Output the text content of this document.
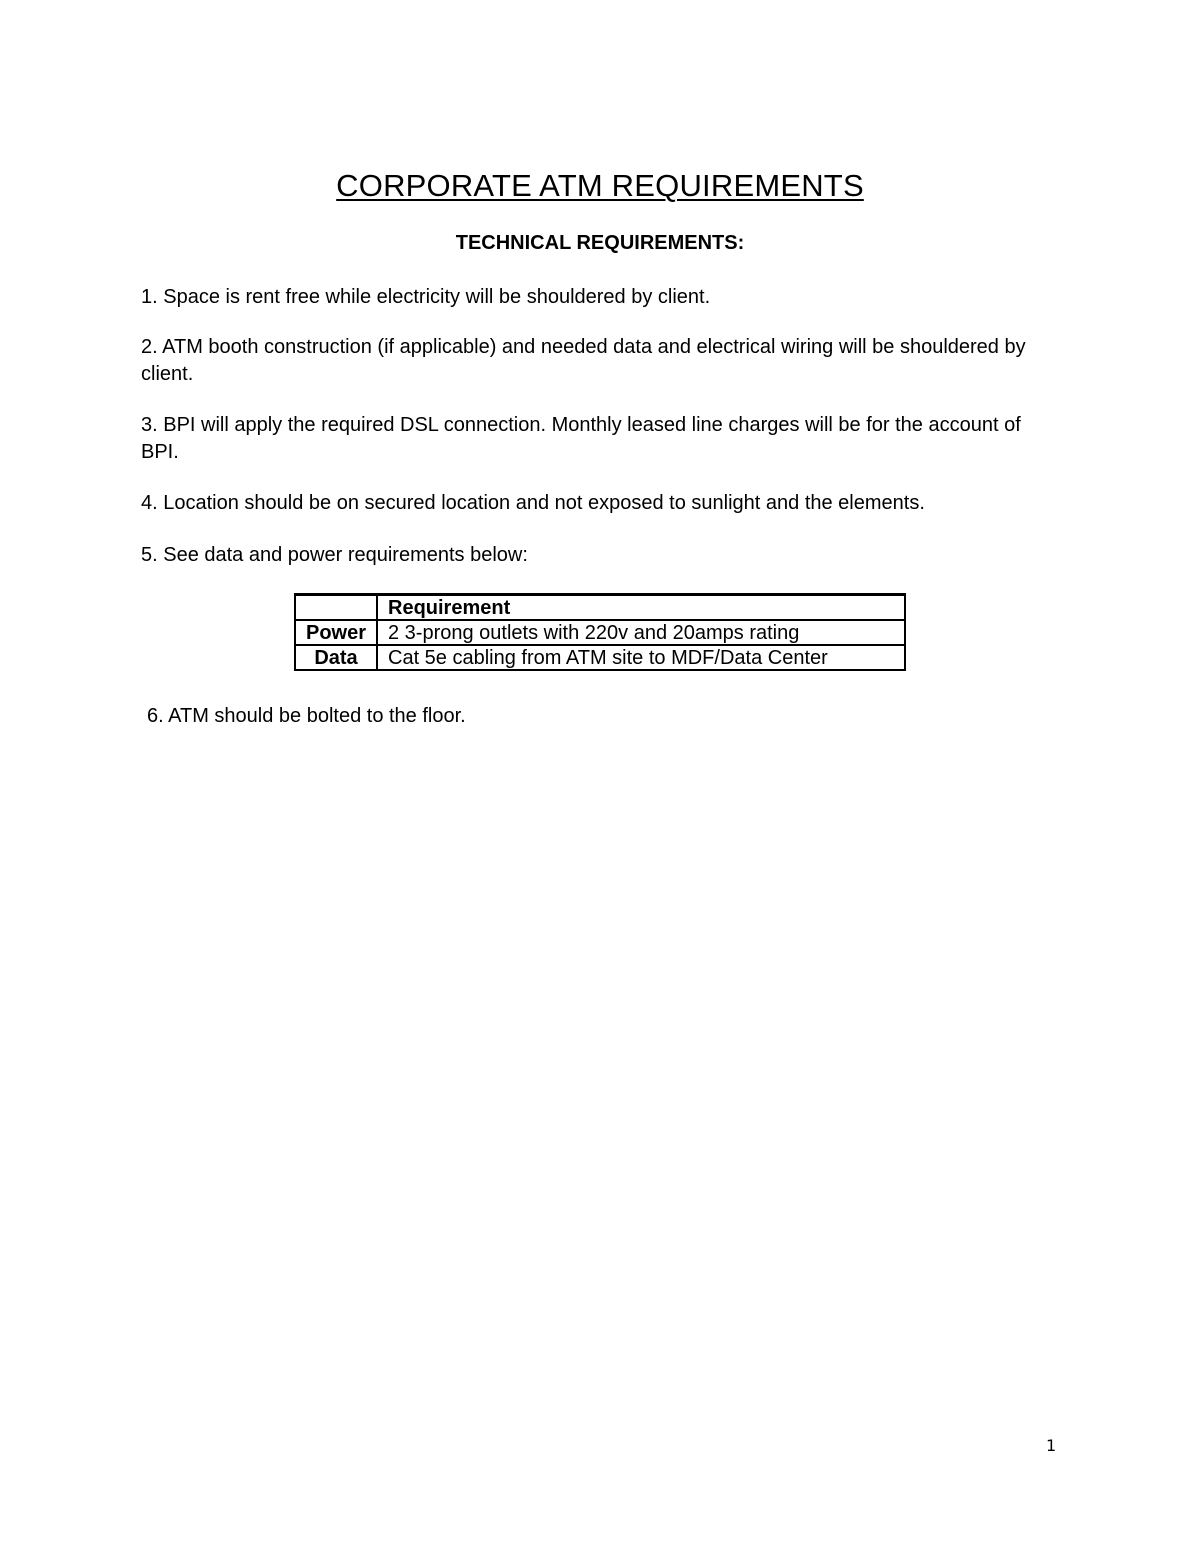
CORPORATE ATM REQUIREMENTS
TECHNICAL REQUIREMENTS:
1. Space is rent free while electricity will be shouldered by client.
2. ATM booth construction (if applicable) and needed data and electrical wiring will be shouldered by client.
3. BPI will apply the required DSL connection. Monthly leased line charges will be for the account of BPI.
4. Location should be on secured location and not exposed to sunlight and the elements.
5. See data and power requirements below:
	Requirement
Power	2 3-prong outlets with 220v and 20amps rating
Data	Cat 5e cabling from ATM site to MDF/Data Center
6. ATM should be bolted to the floor.
1
